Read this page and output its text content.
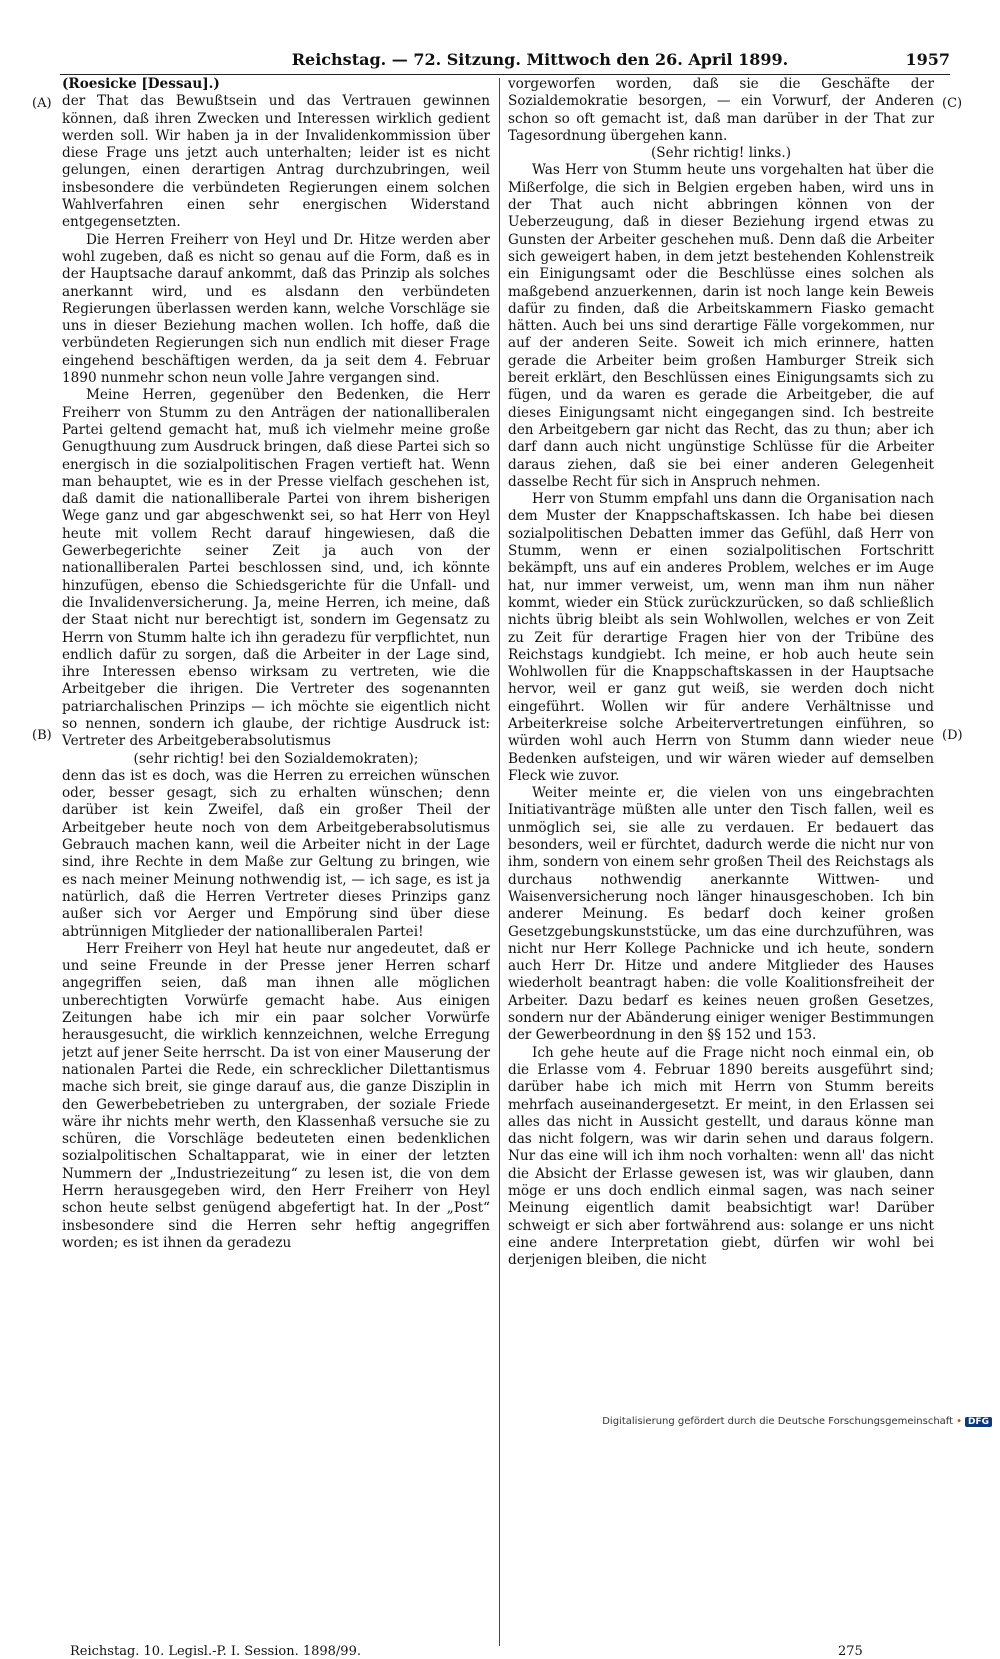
Reichstag. — 72. Sitzung. Mittwoch den 26. April 1899.	1957
(A)
(B)
(C)
(D)

(Roesicke [Dessau].)

der That das Bewußtsein und das Vertrauen gewinnen können, daß ihren Zwecken und Interessen wirklich gedient werden soll. Wir haben ja in der Invalidenkommission über diese Frage uns jetzt auch unterhalten; leider ist es nicht gelungen, einen derartigen Antrag durchzubringen, weil insbesondere die verbündeten Regierungen einem solchen Wahlverfahren einen sehr energischen Widerstand entgegensetzten.

Die Herren Freiherr von Heyl und Dr. Hitze werden aber wohl zugeben, daß es nicht so genau auf die Form, daß es in der Hauptsache darauf ankommt, daß das Prinzip als solches anerkannt wird, und es alsdann den verbündeten Regierungen überlassen werden kann, welche Vorschläge sie uns in dieser Beziehung machen wollen. Ich hoffe, daß die verbündeten Regierungen sich nun endlich mit dieser Frage eingehend beschäftigen werden, da ja seit dem 4. Februar 1890 nunmehr schon neun volle Jahre vergangen sind.

Meine Herren, gegenüber den Bedenken, die Herr Freiherr von Stumm zu den Anträgen der nationalliberalen Partei geltend gemacht hat, muß ich vielmehr meine große Genugthuung zum Ausdruck bringen, daß diese Partei sich so energisch in die sozialpolitischen Fragen vertieft hat. Wenn man behauptet, wie es in der Presse vielfach geschehen ist, daß damit die nationalliberale Partei von ihrem bisherigen Wege ganz und gar abgeschwenkt sei, so hat Herr von Heyl heute mit vollem Recht darauf hingewiesen, daß die Gewerbegerichte seiner Zeit ja auch von der nationalliberalen Partei beschlossen sind, und, ich könnte hinzufügen, ebenso die Schiedsgerichte für die Unfall- und die Invalidenversicherung. Ja, meine Herren, ich meine, daß der Staat nicht nur berechtigt ist, sondern im Gegensatz zu Herrn von Stumm halte ich ihn geradezu für verpflichtet, nun endlich dafür zu sorgen, daß die Arbeiter in der Lage sind, ihre Interessen ebenso wirksam zu vertreten, wie die Arbeitgeber die ihrigen. Die Vertreter des sogenannten patriarchalischen Prinzips — ich möchte sie eigentlich nicht so nennen, sondern ich glaube, der richtige Ausdruck ist: Vertreter des Arbeitgeberabsolutismus

(sehr richtig! bei den Sozialdemokraten);

denn das ist es doch, was die Herren zu erreichen wünschen oder, besser gesagt, sich zu erhalten wünschen; denn darüber ist kein Zweifel, daß ein großer Theil der Arbeitgeber heute noch von dem Arbeitgeberabsolutismus Gebrauch machen kann, weil die Arbeiter nicht in der Lage sind, ihre Rechte in dem Maße zur Geltung zu bringen, wie es nach meiner Meinung nothwendig ist, — ich sage, es ist ja natürlich, daß die Herren Vertreter dieses Prinzips ganz außer sich vor Aerger und Empörung sind über diese abtrünnigen Mitglieder der nationalliberalen Partei!

Herr Freiherr von Heyl hat heute nur angedeutet, daß er und seine Freunde in der Presse jener Herren scharf angegriffen seien, daß man ihnen alle möglichen unberechtigten Vorwürfe gemacht habe. Aus einigen Zeitungen habe ich mir ein paar solcher Vorwürfe herausgesucht, die wirklich kennzeichnen, welche Erregung jetzt auf jener Seite herrscht. Da ist von einer Mauserung der nationalen Partei die Rede, ein schrecklicher Dilettantismus mache sich breit, sie ginge darauf aus, die ganze Disziplin in den Gewerbebetrieben zu untergraben, der soziale Friede wäre ihr nichts mehr werth, den Klassenhaß versuche sie zu schüren, die Vorschläge bedeuteten einen bedenklichen sozialpolitischen Schaltapparat, wie in einer der letzten Nummern der „Industriezeitung“ zu lesen ist, die von dem Herrn herausgegeben wird, den Herr Freiherr von Heyl schon heute selbst genügend abgefertigt hat. In der „Post“ insbesondere sind die Herren sehr heftig angegriffen worden; es ist ihnen da geradezu

vorgeworfen worden, daß sie die Geschäfte der Sozialdemokratie besorgen, — ein Vorwurf, der Anderen schon so oft gemacht ist, daß man darüber in der That zur Tagesordnung übergehen kann.

(Sehr richtig! links.)

Was Herr von Stumm heute uns vorgehalten hat über die Mißerfolge, die sich in Belgien ergeben haben, wird uns in der That auch nicht abbringen können von der Ueberzeugung, daß in dieser Beziehung irgend etwas zu Gunsten der Arbeiter geschehen muß. Denn daß die Arbeiter sich geweigert haben, in dem jetzt bestehenden Kohlenstreik ein Einigungsamt oder die Beschlüsse eines solchen als maßgebend anzuerkennen, darin ist noch lange kein Beweis dafür zu finden, daß die Arbeitskammern Fiasko gemacht hätten. Auch bei uns sind derartige Fälle vorgekommen, nur auf der anderen Seite. Soweit ich mich erinnere, hatten gerade die Arbeiter beim großen Hamburger Streik sich bereit erklärt, den Beschlüssen eines Einigungsamts sich zu fügen, und da waren es gerade die Arbeitgeber, die auf dieses Einigungsamt nicht eingegangen sind. Ich bestreite den Arbeitgebern gar nicht das Recht, das zu thun; aber ich darf dann auch nicht ungünstige Schlüsse für die Arbeiter daraus ziehen, daß sie bei einer anderen Gelegenheit dasselbe Recht für sich in Anspruch nehmen.

Herr von Stumm empfahl uns dann die Organisation nach dem Muster der Knappschaftskassen. Ich habe bei diesen sozialpolitischen Debatten immer das Gefühl, daß Herr von Stumm, wenn er einen sozialpolitischen Fortschritt bekämpft, uns auf ein anderes Problem, welches er im Auge hat, nur immer verweist, um, wenn man ihm nun näher kommt, wieder ein Stück zurückzurücken, so daß schließlich nichts übrig bleibt als sein Wohlwollen, welches er von Zeit zu Zeit für derartige Fragen hier von der Tribüne des Reichstags kundgiebt. Ich meine, er hob auch heute sein Wohlwollen für die Knappschaftskassen in der Hauptsache hervor, weil er ganz gut weiß, sie werden doch nicht eingeführt. Wollen wir für andere Verhältnisse und Arbeiterkreise solche Arbeitervertretungen einführen, so würden wohl auch Herrn von Stumm dann wieder neue Bedenken aufsteigen, und wir wären wieder auf demselben Fleck wie zuvor.

Weiter meinte er, die vielen von uns eingebrachten Initiativanträge müßten alle unter den Tisch fallen, weil es unmöglich sei, sie alle zu verdauen. Er bedauert das besonders, weil er fürchtet, dadurch werde die nicht nur von ihm, sondern von einem sehr großen Theil des Reichstags als durchaus nothwendig anerkannte Wittwen- und Waisenversicherung noch länger hinausgeschoben. Ich bin anderer Meinung. Es bedarf doch keiner großen Gesetzgebungskunststücke, um das eine durchzuführen, was nicht nur Herr Kollege Pachnicke und ich heute, sondern auch Herr Dr. Hitze und andere Mitglieder des Hauses wiederholt beantragt haben: die volle Koalitionsfreiheit der Arbeiter. Dazu bedarf es keines neuen großen Gesetzes, sondern nur der Abänderung einiger weniger Bestimmungen der Gewerbeordnung in den §§ 152 und 153.

Ich gehe heute auf die Frage nicht noch einmal ein, ob die Erlasse vom 4. Februar 1890 bereits ausgeführt sind; darüber habe ich mich mit Herrn von Stumm bereits mehrfach auseinandergesetzt. Er meint, in den Erlassen sei alles das nicht in Aussicht gestellt, und daraus könne man das nicht folgern, was wir darin sehen und daraus folgern. Nur das eine will ich ihm noch vorhalten: wenn all' das nicht die Absicht der Erlasse gewesen ist, was wir glauben, dann möge er uns doch endlich einmal sagen, was nach seiner Meinung eigentlich damit beabsichtigt war! Darüber schweigt er sich aber fortwährend aus: solange er uns nicht eine andere Interpretation giebt, dürfen wir wohl bei derjenigen bleiben, die nicht

Reichstag. 10. Legisl.-P. I. Session. 1898/99.	275
Digitalisierung gefördert durch die Deutsche Forschungsgemeinschaft • DFG
